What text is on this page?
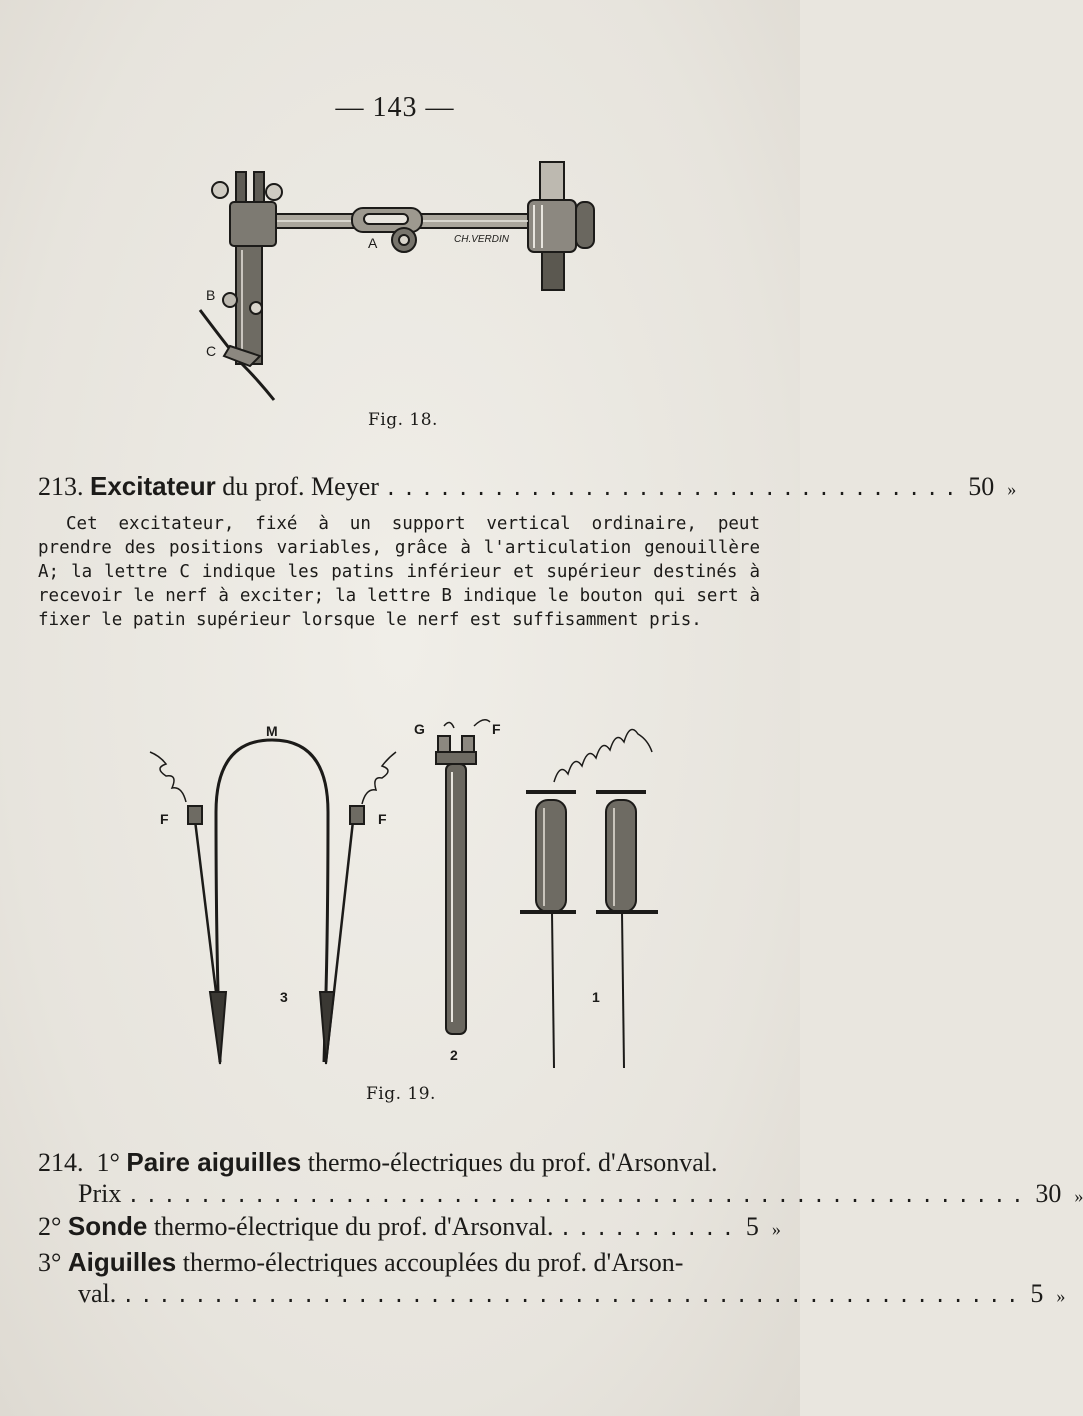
— 143 —
A
B
C
CH.VERDIN
Fig. 18.
213.
Excitateur
du prof. Meyer ................................ 50 »
Cet excitateur, fixé à un support vertical ordinaire, peut prendre des positions variables, grâce à l'articulation genouillère A; la lettre C indique les patins inférieur et supérieur destinés à recevoir le nerf à exciter; la lettre B indique le bouton qui sert à fixer le patin supérieur lorsque le nerf est suffisamment pris.
M
F	F
G	F
3
2
1
Fig. 19.
214. 1° Paire aiguilles thermo-électriques du prof. d'Arsonval.
Prix .................................................. 30 »
2°
Sonde
thermo-électrique du prof. d'Arsonval. .......... 5 »
3° Aiguilles thermo-électriques accouplées du prof. d'Arson-
val. .................................................. 5 »
